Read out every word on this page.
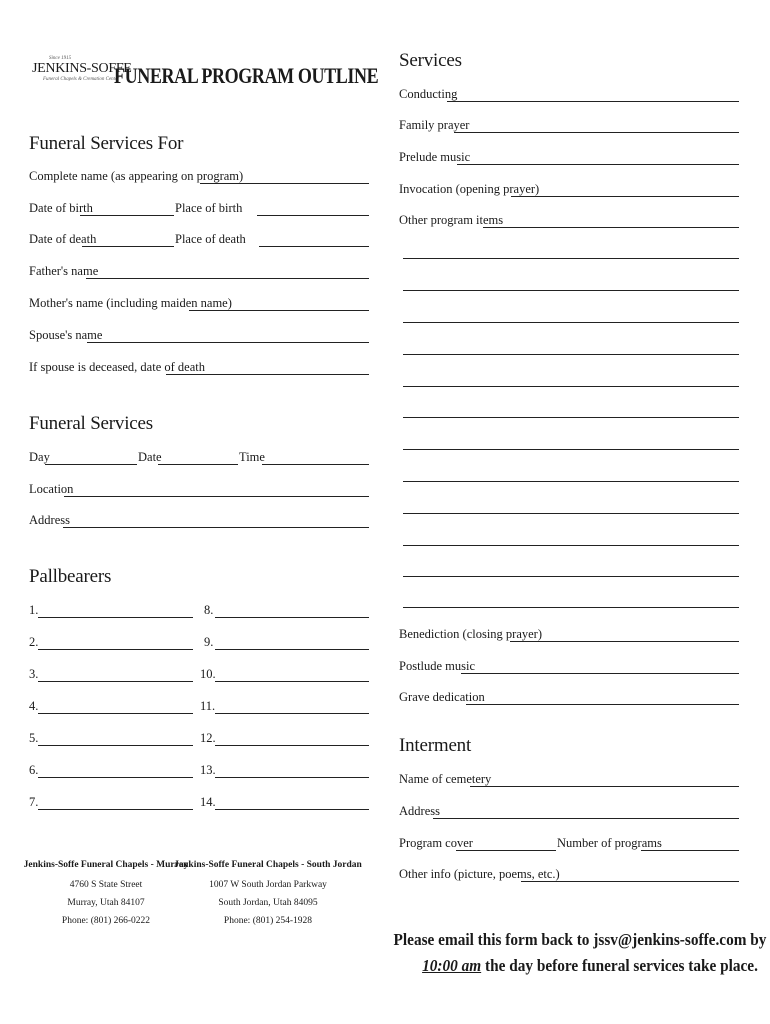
Since 1915
JENKINS-SOFFE
Funeral Chapels & Cremation Center
FUNERAL PROGRAM OUTLINE
Funeral Services For
Complete name (as appearing on program)
Date of birth	Place of birth
Date of death	Place of death
Father's name
Mother's name (including maiden name)
Spouse's name
If spouse is deceased, date of death
Funeral Services
Day	Date	Time
Location
Address
Pallbearers
1.	8.
2.	9.
3.	10.
4.	11.
5.	12.
6.	13.
7.	14.
Jenkins-Soffe Funeral Chapels - Murray
4760 S State Street
Murray, Utah 84107
Phone: (801) 266-0222
Jenkins-Soffe Funeral Chapels - South Jordan
1007 W South Jordan Parkway
South Jordan, Utah 84095
Phone: (801) 254-1928
Services
Conducting
Family prayer
Prelude music
Invocation (opening prayer)
Other program items
Benediction (closing prayer)
Postlude music
Grave dedication
Interment
Name of cemetery
Address
Program cover	Number of programs
Other info (picture, poems, etc.)
Please email this form back to jssv@jenkins-soffe.com by
10:00 am the day before funeral services take place.
